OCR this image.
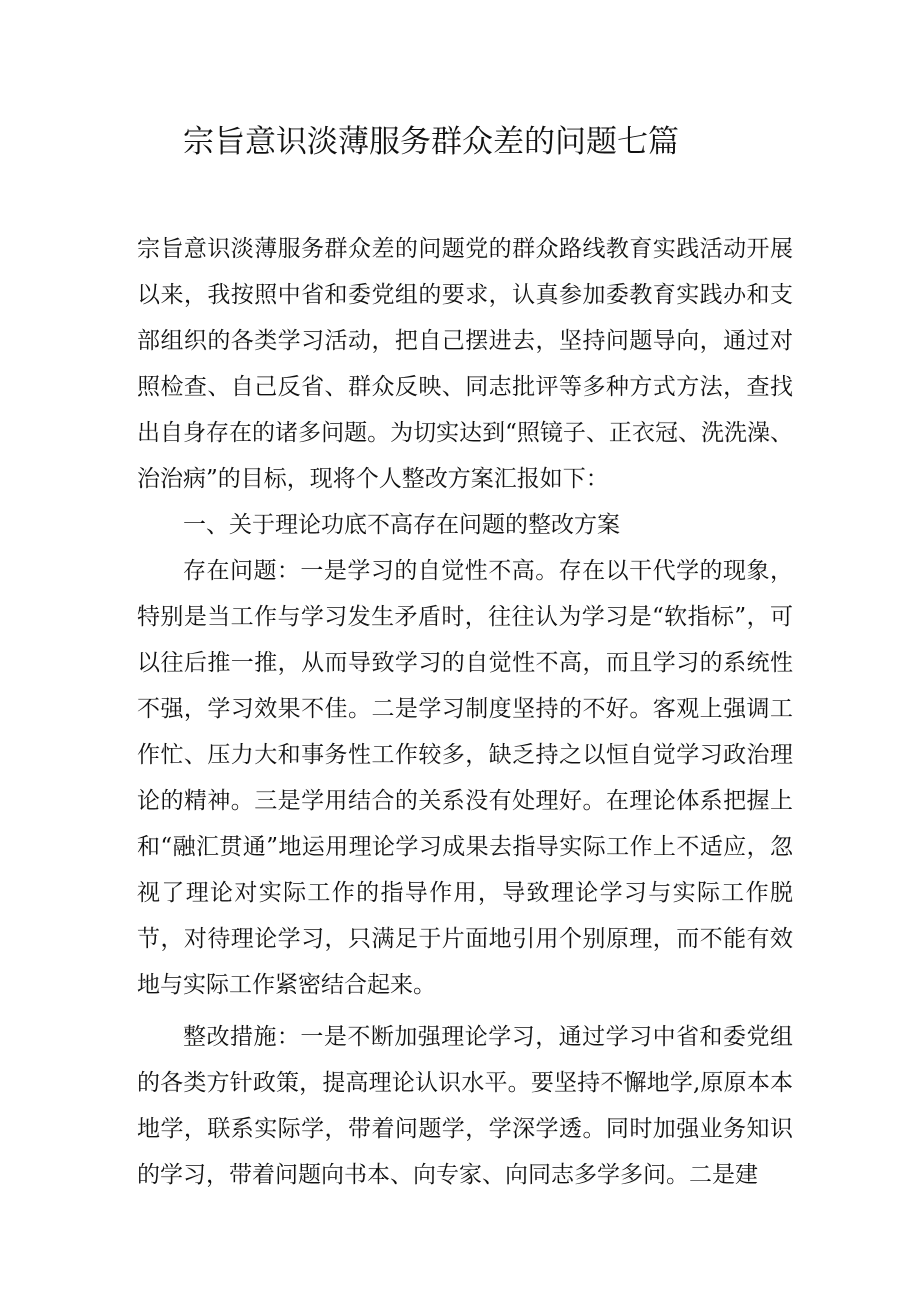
宗旨意识淡薄服务群众差的问题七篇

宗旨意识淡薄服务群众差的问题党的群众路线教育实践活动开展以来，我按照中省和委党组的要求，认真参加委教育实践办和支部组织的各类学习活动，把自己摆进去，坚持问题导向，通过对照检查、自己反省、群众反映、同志批评等多种方式方法，查找出自身存在的诸多问题。为切实达到“照镜子、正衣冠、洗洗澡、治治病”的目标，现将个人整改方案汇报如下：

一、关于理论功底不高存在问题的整改方案

存在问题：一是学习的自觉性不高。存在以干代学的现象，特别是当工作与学习发生矛盾时，往往认为学习是“软指标”，可以往后推一推，从而导致学习的自觉性不高，而且学习的系统性不强，学习效果不佳。二是学习制度坚持的不好。客观上强调工作忙、压力大和事务性工作较多，缺乏持之以恒自觉学习政治理论的精神。三是学用结合的关系没有处理好。在理论体系把握上和“融汇贯通”地运用理论学习成果去指导实际工作上不适应，忽视了理论对实际工作的指导作用，导致理论学习与实际工作脱节，对待理论学习，只满足于片面地引用个别原理，而不能有效地与实际工作紧密结合起来。

整改措施：一是不断加强理论学习，通过学习中省和委党组的各类方针政策，提高理论认识水平。要坚持不懈地学,原原本本地学，联系实际学，带着问题学，学深学透。同时加强业务知识的学习，带着问题向书本、向专家、向同志多学多问。二是建
